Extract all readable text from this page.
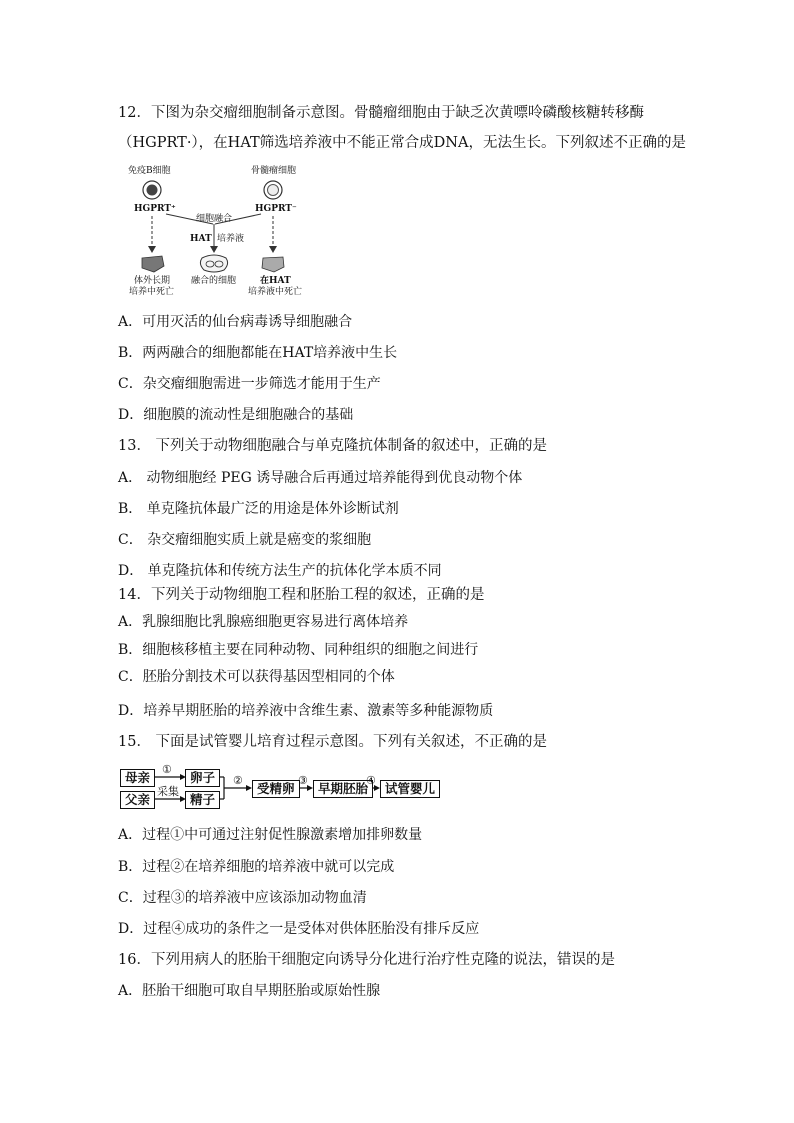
12．下图为杂交瘤细胞制备示意图。骨髓瘤细胞由于缺乏次黄嘌呤磷酸核糖转移酶
（HGPRT·），在HAT筛选培养液中不能正常合成DNA，无法生长。下列叙述不正确的是
免疫B细胞	骨髓瘤细胞
HGPRT⁺	HGPRT⁻
细胞融合
HAT 培养液
体外长期
培养中死亡
融合的细胞	在HAT
培养液中死亡
A．可用灭活的仙台病毒诱导细胞融合
B．两两融合的细胞都能在HAT培养液中生长
C．杂交瘤细胞需进一步筛选才能用于生产
D．细胞膜的流动性是细胞融合的基础
13． 下列关于动物细胞融合与单克隆抗体制备的叙述中，正确的是
A． 动物细胞经 PEG 诱导融合后再通过培养能得到优良动物个体
B． 单克隆抗体最广泛的用途是体外诊断试剂
C． 杂交瘤细胞实质上就是癌变的浆细胞
D． 单克隆抗体和传统方法生产的抗体化学本质不同
14．下列关于动物细胞工程和胚胎工程的叙述，正确的是
A．乳腺细胞比乳腺癌细胞更容易进行离体培养
B．细胞核移植主要在同种动物、同种组织的细胞之间进行
C．胚胎分割技术可以获得基因型相同的个体
D．培养早期胚胎的培养液中含维生素、激素等多种能源物质
15． 下面是试管婴儿培育过程示意图。下列有关叙述，不正确的是
母亲
父亲
①
采集
卵子
精子
②
受精卵
③
早期胚胎
④
试管婴儿
A．过程①中可通过注射促性腺激素增加排卵数量
B．过程②在培养细胞的培养液中就可以完成
C．过程③的培养液中应该添加动物血清
D．过程④成功的条件之一是受体对供体胚胎没有排斥反应
16．下列用病人的胚胎干细胞定向诱导分化进行治疗性克隆的说法，错误的是
A．胚胎干细胞可取自早期胚胎或原始性腺
